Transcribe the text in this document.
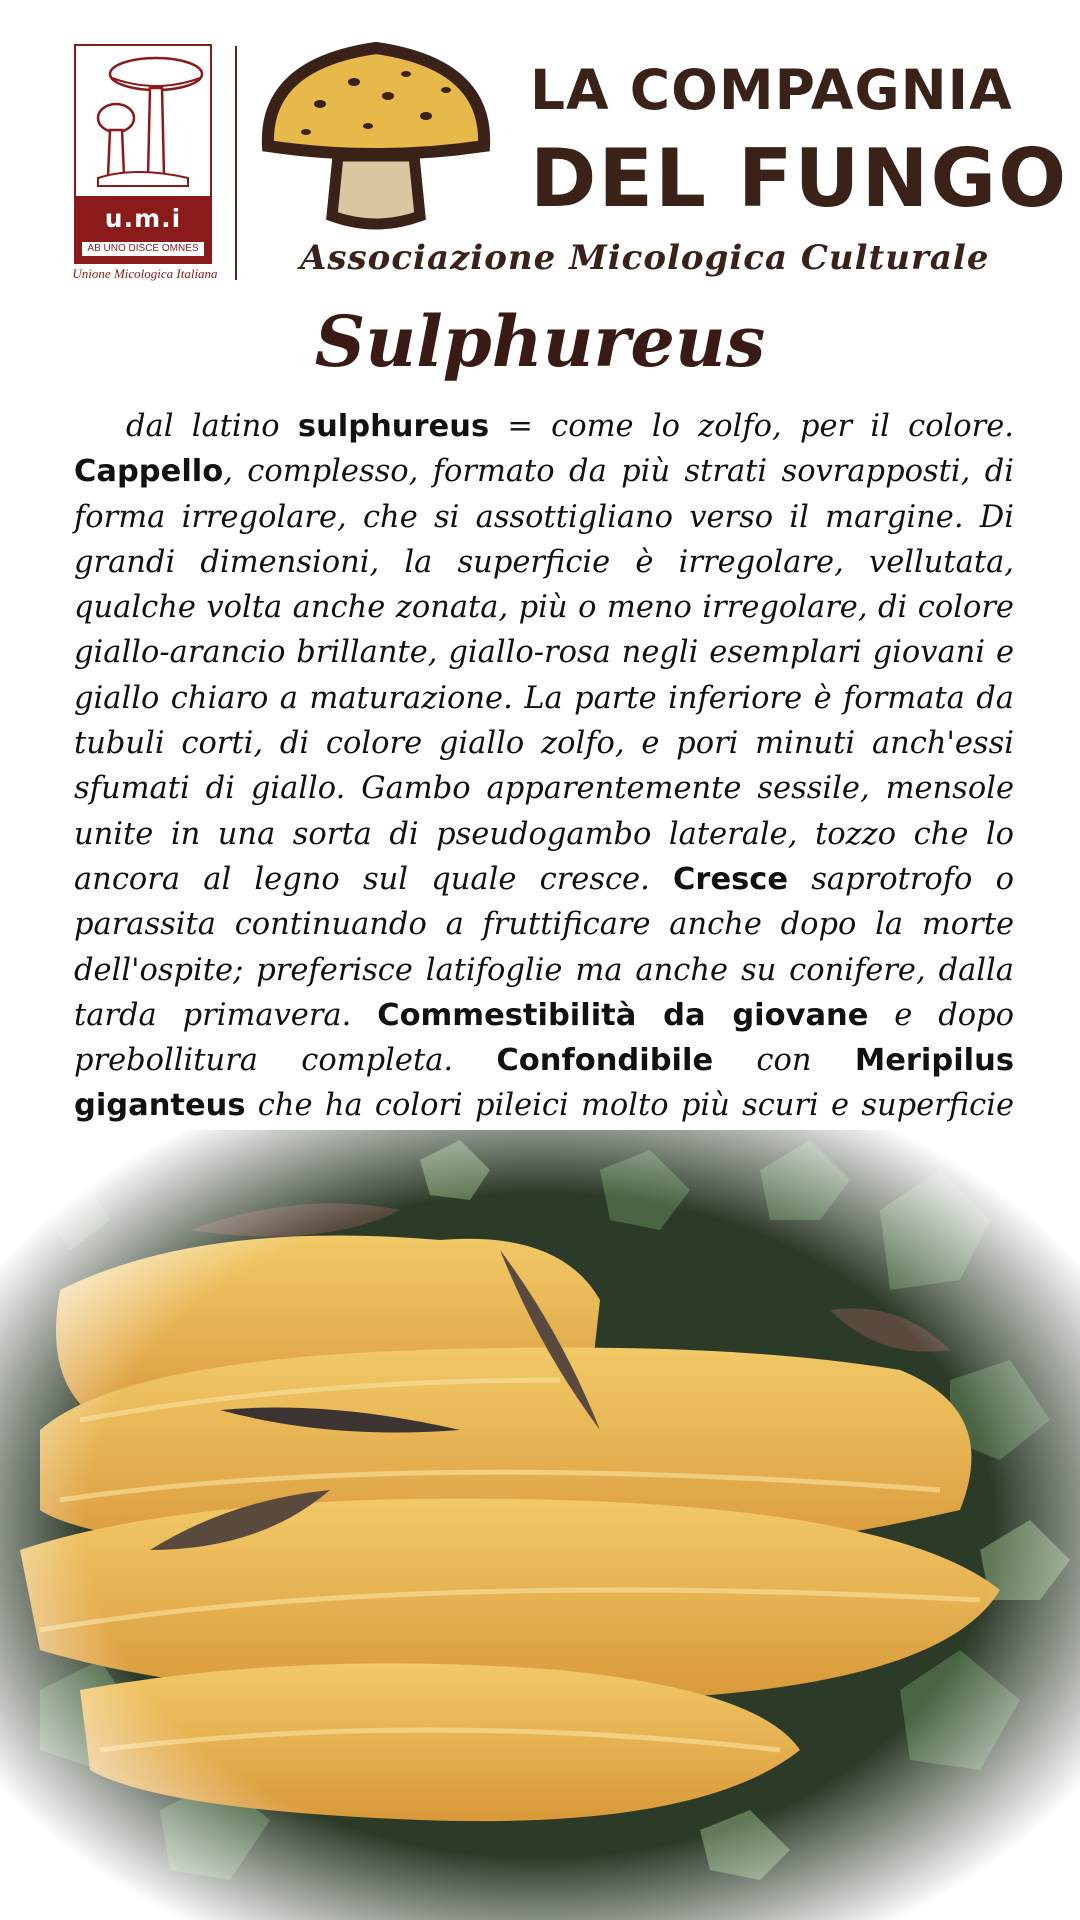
u.m.i
AB UNO DISCE OMNES
Unione Micologica Italiana
LA COMPAGNIA
DEL FUNGO
Associazione Micologica Culturale
Sulphureus
dal latino sulphureus = come lo zolfo, per il colore. Cappello, complesso, formato da più strati sovrapposti, di forma irregolare, che si assottigliano verso il margine. Di grandi dimensioni, la superficie è irregolare, vellutata, qualche volta anche zonata, più o meno irregolare, di colore giallo-arancio brillante, giallo-rosa negli esemplari giovani e giallo chiaro a maturazione. La parte inferiore è formata da tubuli corti, di colore giallo zolfo, e pori minuti anch'essi sfumati di giallo. Gambo apparentemente sessile, mensole unite in una sorta di pseudogambo laterale, tozzo che lo ancora al legno sul quale cresce. Cresce saprotrofo o parassita continuando a fruttificare anche dopo la morte dell'ospite; preferisce latifoglie ma anche su conifere, dalla tarda primavera. Commestibilità da giovane e dopo prebollitura completa. Confondibile con Meripilus giganteus che ha colori pileici molto più scuri e superficie
